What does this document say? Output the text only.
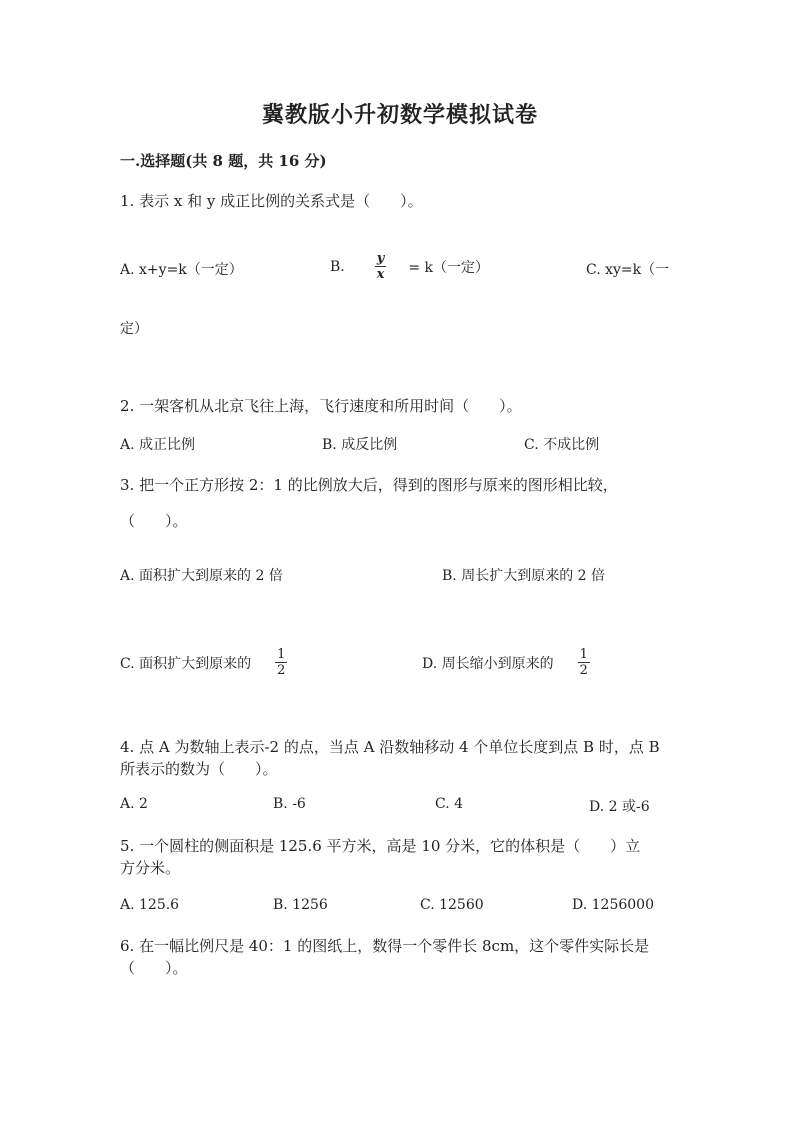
冀教版小升初数学模拟试卷
一.选择题(共 8 题，共 16 分)
1. 表示 x 和 y 成正比例的关系式是（　　）。
A. x+y=k（一定）	B. $\frac{y}{x} = k$（一定）	C. xy=k（一
定）
2. 一架客机从北京飞往上海，飞行速度和所用时间（　　）。
A. 成正比例	B. 成反比例	C. 不成比例
3. 把一个正方形按 2：1 的比例放大后，得到的图形与原来的图形相比较，
（　　）。
A. 面积扩大到原来的 2 倍	B. 周长扩大到原来的 2 倍
C. 面积扩大到原来的 $\frac{1}{2}$	D. 周长缩小到原来的 $\frac{1}{2}$
4. 点 A 为数轴上表示-2 的点，当点 A 沿数轴移动 4 个单位长度到点 B 时，点 B
所表示的数为（　　）。
A. 2	B. -6	C. 4	D. 2 或-6
5. 一个圆柱的侧面积是 125.6 平方米，高是 10 分米，它的体积是（　　）立
方分米。
A. 125.6	B. 1256	C. 12560	D. 1256000
6. 在一幅比例尺是 40：1 的图纸上，数得一个零件长 8cm，这个零件实际长是
（　　）。
